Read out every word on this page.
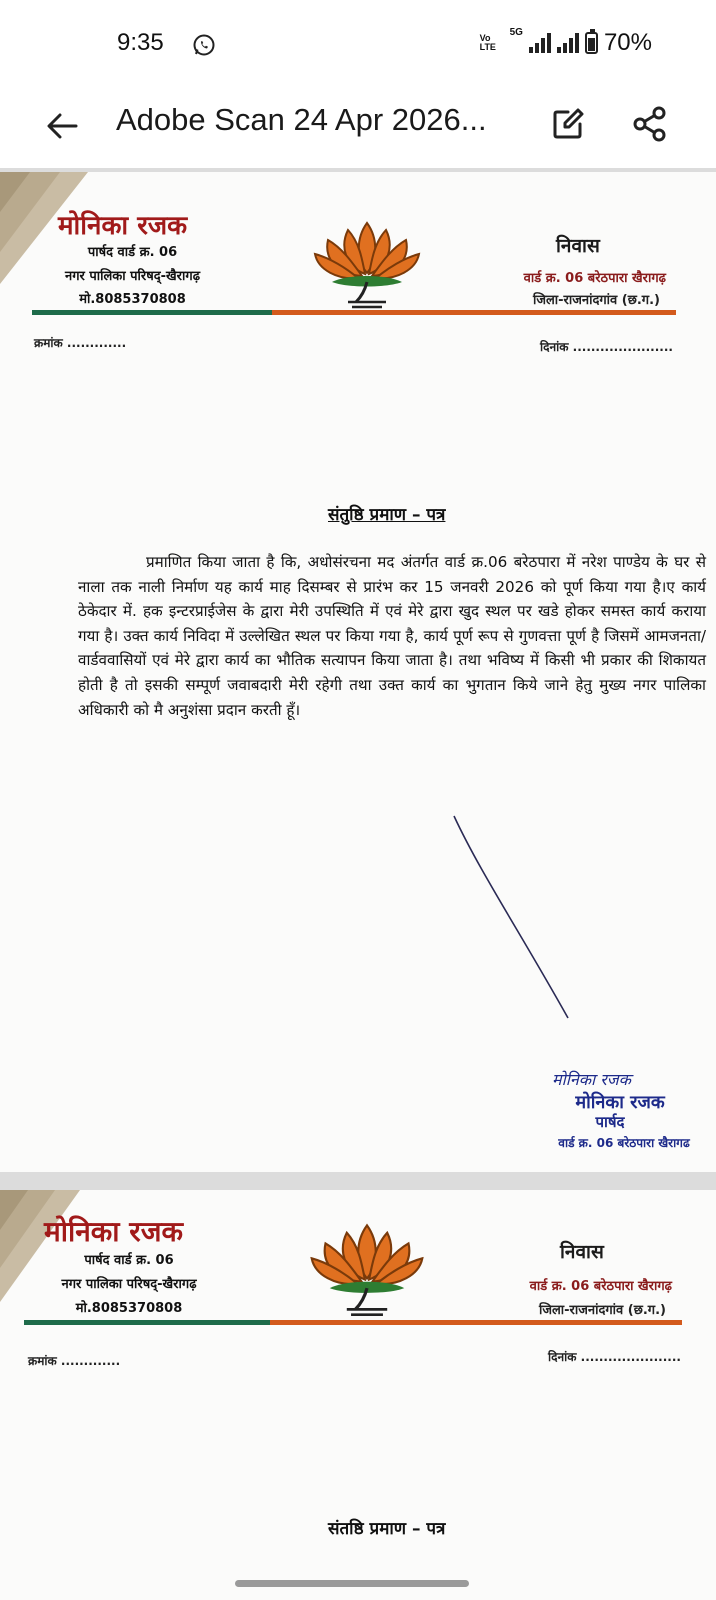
9:35	Vo LTE
5G	70%
Adobe Scan 24 Apr 2026...
मोनिका रजक
पार्षद वार्ड क्र. 06
नगर पालिका परिषद्-खैरागढ़
मो.8085370808
निवास
वार्ड क्र. 06 बरेठपारा खैरागढ़
जिला-राजनांदगांव (छ.ग.)
क्रमांक .............	दिनांक ......................
संतुष्ठि प्रमाण – पत्र
प्रमाणित किया जाता है कि, अधोसंरचना मद अंतर्गत वार्ड क्र.06 बरेठपारा में नरेश पाण्डेय के घर से नाला तक नाली निर्माण यह कार्य माह दिसम्बर से प्रारंभ कर 15 जनवरी 2026 को पूर्ण किया गया है।ए कार्य ठेकेदार में. हक इन्टरप्राईजेस के द्वारा मेरी उपस्थिति में एवं मेरे द्वारा खुद स्थल पर खडे होकर समस्त कार्य कराया गया है। उक्त कार्य निविदा में उल्लेखित स्थल पर किया गया है, कार्य पूर्ण रूप से गुणवत्ता पूर्ण है जिसमें आमजनता/वार्डववासियों एवं मेरे द्वारा कार्य का भौतिक सत्यापन किया जाता है। तथा भविष्य में किसी भी प्रकार की शिकायत होती है तो इसकी सम्पूर्ण जवाबदारी मेरी रहेगी तथा उक्त कार्य का भुगतान किये जाने हेतु मुख्य नगर पालिका अधिकारी को मै अनुशंसा प्रदान करती हूँ।
मोनिका रजक
मोनिका रजक
पार्षद
वार्ड क्र. 06 बरेठपारा खैरागढ
मोनिका रजक
पार्षद वार्ड क्र. 06
नगर पालिका परिषद्-खैरागढ़
मो.8085370808
निवास
वार्ड क्र. 06 बरेठपारा खैरागढ़
जिला-राजनांदगांव (छ.ग.)
क्रमांक .............	दिनांक ......................
संतष्ठि प्रमाण – पत्र
